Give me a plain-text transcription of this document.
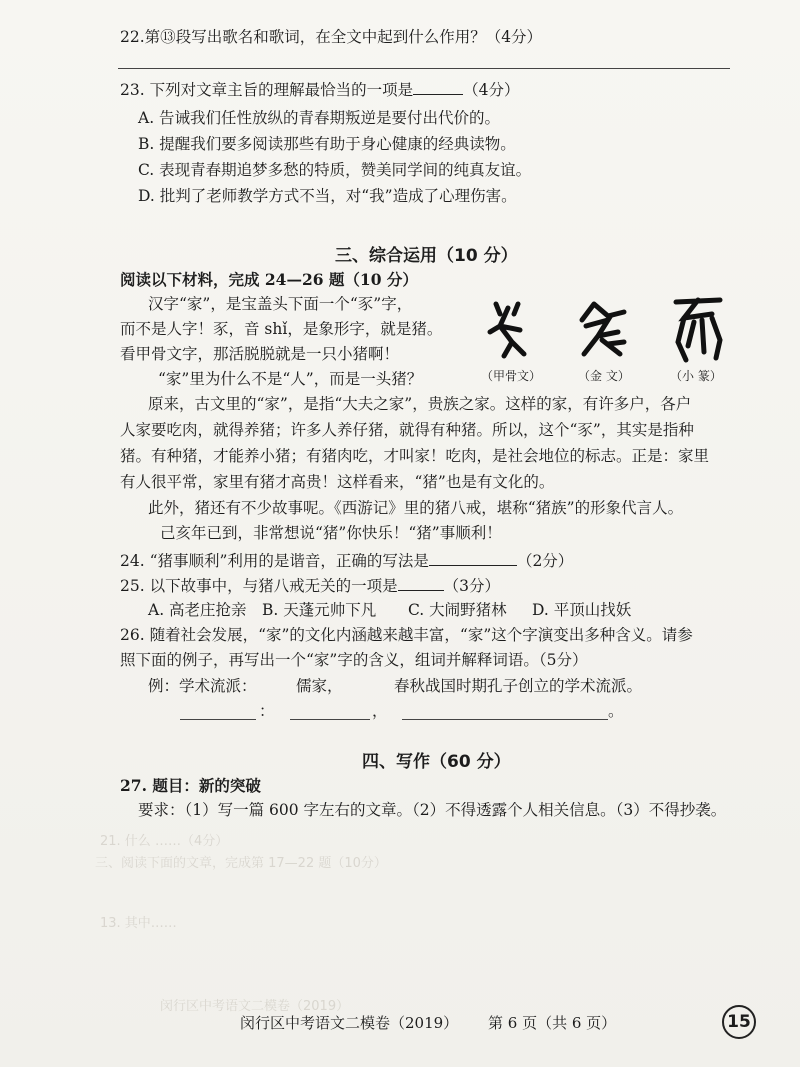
21. 什么 ……（4分）
三、阅读下面的文章，完成第 17—22 题（10分）
13. 其中……
闵行区中考语文二模卷（2019）
22.第⑬段写出歌名和歌词，在全文中起到什么作用？（4分）
23. 下列对文章主旨的理解最恰当的一项是	（4分）
A. 告诫我们任性放纵的青春期叛逆是要付出代价的。
B. 提醒我们要多阅读那些有助于身心健康的经典读物。
C. 表现青春期追梦多愁的特质，赞美同学间的纯真友谊。
D. 批判了老师教学方式不当，对“我”造成了心理伤害。
三、综合运用（10 分）
阅读以下材料，完成 24—26 题（10 分）
汉字“家”，是宝盖头下面一个“豕”字，
而不是人字！豕，音 shǐ，是象形字，就是猪。
看甲骨文字，那活脱脱就是一只小猪啊！
“家”里为什么不是“人”，而是一头猪？	（甲骨文）	（金 文）	（小 篆）
原来，古文里的“家”，是指“大夫之家”，贵族之家。这样的家，有许多户，各户
人家要吃肉，就得养猪；许多人养仔猪，就得有种猪。所以，这个“豕”，其实是指种
猪。有种猪，才能养小猪；有猪肉吃，才叫家！吃肉，是社会地位的标志。正是：家里
有人很平常，家里有猪才高贵！这样看来，“猪”也是有文化的。
此外，猪还有不少故事呢。《西游记》里的猪八戒，堪称“猪族”的形象代言人。
己亥年已到，非常想说“猪”你快乐！“猪”事顺利！
24. “猪事顺利”利用的是谐音，正确的写法是	（2分）
25. 以下故事中，与猪八戒无关的一项是	（3分）
A. 高老庄抢亲 B. 天蓬元帅下凡 C. 大闹野猪林 D. 平顶山找妖
26. 随着社会发展，“家”的文化内涵越来越丰富，“家”这个字演变出多种含义。请参
照下面的例子，再写出一个“家”字的含义，组词并解释词语。（5分）
例：学术流派：	儒家，	春秋战国时期孔子创立的学术流派。
：	，	。
四、写作（60 分）
27. 题目：新的突破
要求：（1）写一篇 600 字左右的文章。（2）不得透露个人相关信息。（3）不得抄袭。
闵行区中考语文二模卷（2019） 第 6 页（共 6 页）	15
